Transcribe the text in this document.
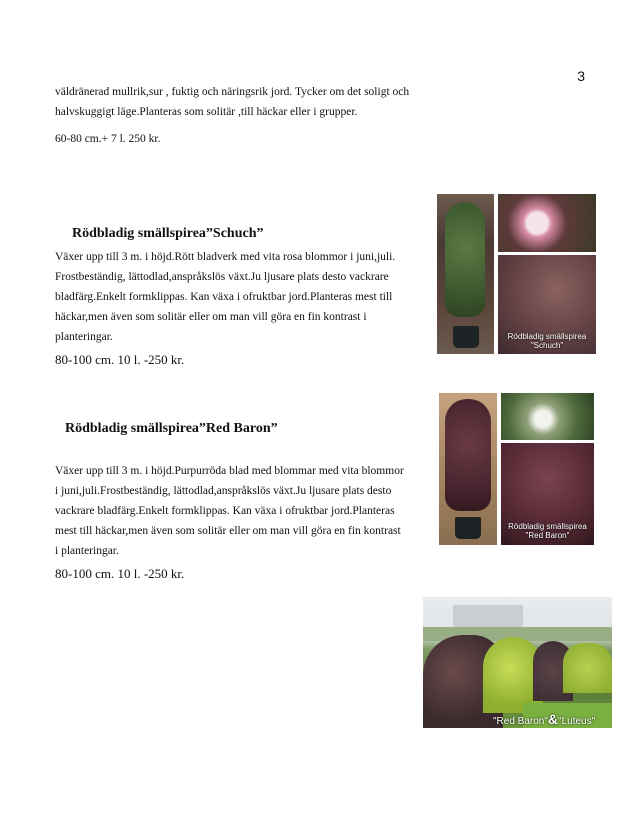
3
väldränerad mullrik,sur , fuktig och näringsrik jord. Tycker om det soligt och
halvskuggigt läge.Planteras som solitär ,till häckar eller i grupper.
60-80 cm.+ 7 l. 250 kr.
Rödbladig smällspirea”Schuch”
Växer upp till 3 m. i höjd.Rött bladverk med vita rosa blommor i juni,juli.
Frostbeständig, lättodlad,anspråkslös växt.Ju ljusare plats desto vackrare
bladfärg.Enkelt formklippas. Kan växa i ofruktbar jord.Planteras mest till
häckar,men även som solitär eller om man vill göra en fin kontrast i
planteringar.
80-100 cm. 10 l. -250 kr.
Rödbladig smällspirea
"Schuch"
Rödbladig smällspirea”Red Baron”
Växer upp till 3 m. i höjd.Purpurröda blad med blommar med vita blommor
i juni,juli.Frostbeständig, lättodlad,anspråkslös växt.Ju ljusare plats desto
vackrare bladfärg.Enkelt formklippas. Kan växa i ofruktbar jord.Planteras
mest till häckar,men även som solitär eller om man vill göra en fin kontrast
i planteringar.
80-100 cm. 10 l. -250 kr.
Rödbladig smällspirea
"Red Baron"
"Red Baron"&"Luteus"
